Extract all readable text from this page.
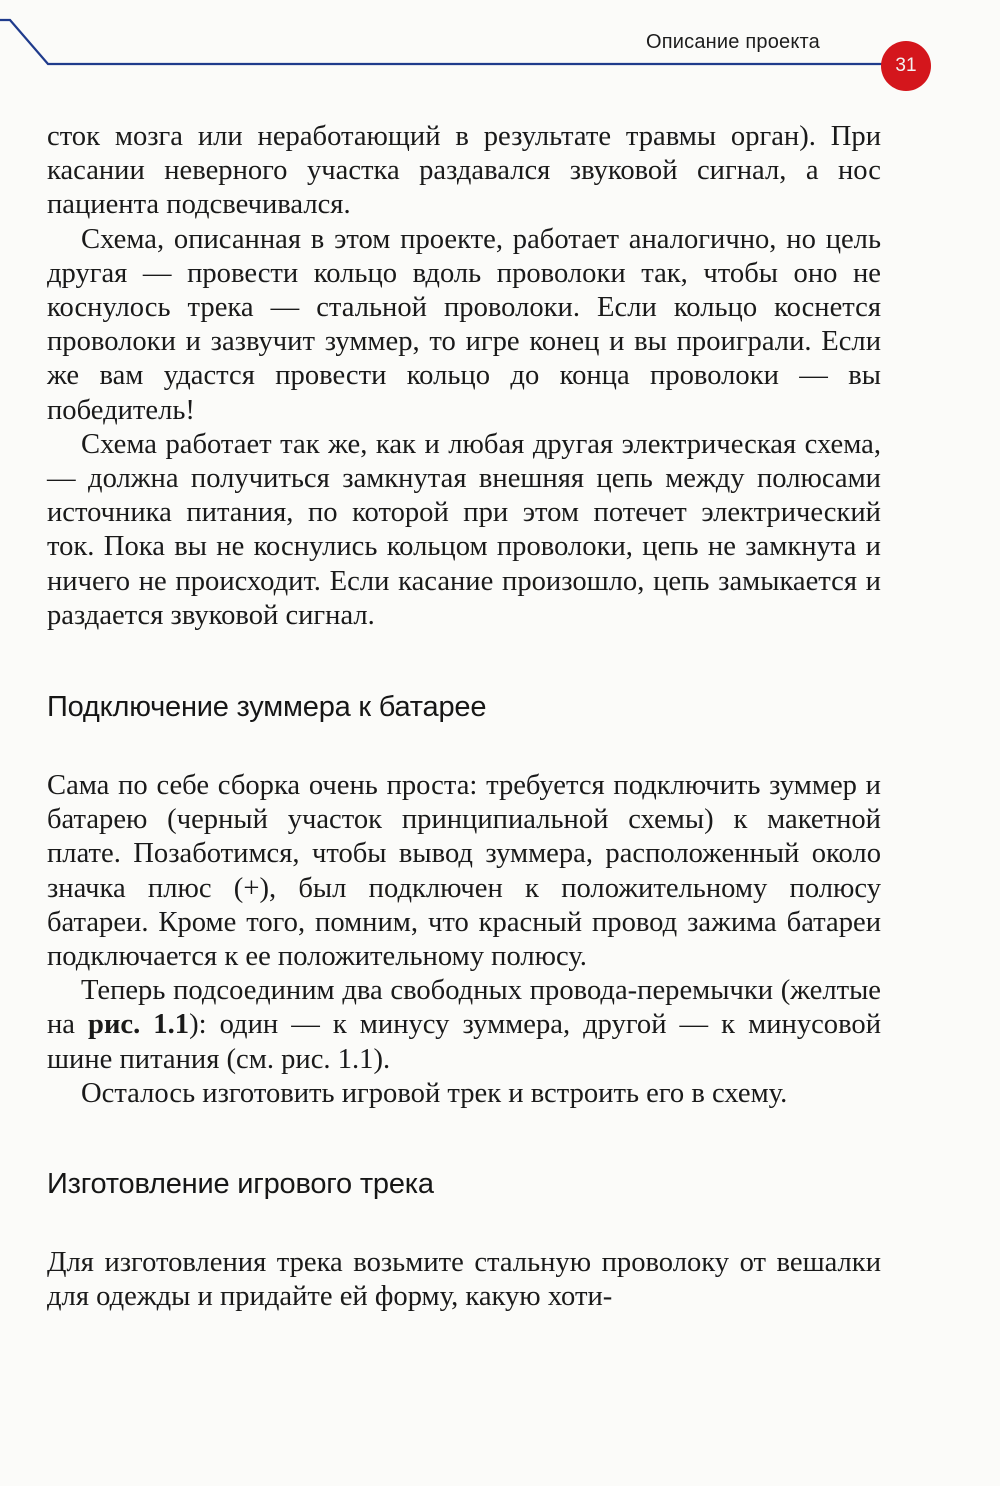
Описание проекта
31

сток мозга или неработающий в результате травмы орган). При касании неверного участка раздавался звуковой сигнал, а нос пациента подсвечивался.

Схема, описанная в этом проекте, работает аналогично, но цель другая — провести кольцо вдоль проволоки так, чтобы оно не коснулось трека — стальной проволоки. Если кольцо коснется проволоки и зазвучит зуммер, то игре конец и вы проиграли. Если же вам удастся провести кольцо до конца проволоки — вы победитель!

Схема работает так же, как и любая другая электрическая схема, — должна получиться замкнутая внешняя цепь между полюсами источника питания, по которой при этом потечет электрический ток. Пока вы не коснулись кольцом проволоки, цепь не замкнута и ничего не происходит. Если касание произошло, цепь замыкается и раздается звуковой сигнал.

Подключение зуммера к батарее

Сама по себе сборка очень проста: требуется подключить зуммер и батарею (черный участок принципиальной схемы) к макетной плате. Позаботимся, чтобы вывод зуммера, расположенный около значка плюс (+), был подключен к положительному полюсу батареи. Кроме того, помним, что красный провод зажима батареи подключается к ее положительному полюсу.

Теперь подсоединим два свободных провода-перемычки (желтые на рис. 1.1): один — к минусу зуммера, другой — к минусовой шине питания (см. рис. 1.1).

Осталось изготовить игровой трек и встроить его в схему.

Изготовление игрового трека

Для изготовления трека возьмите стальную проволоку от вешалки для одежды и придайте ей форму, какую хоти-
